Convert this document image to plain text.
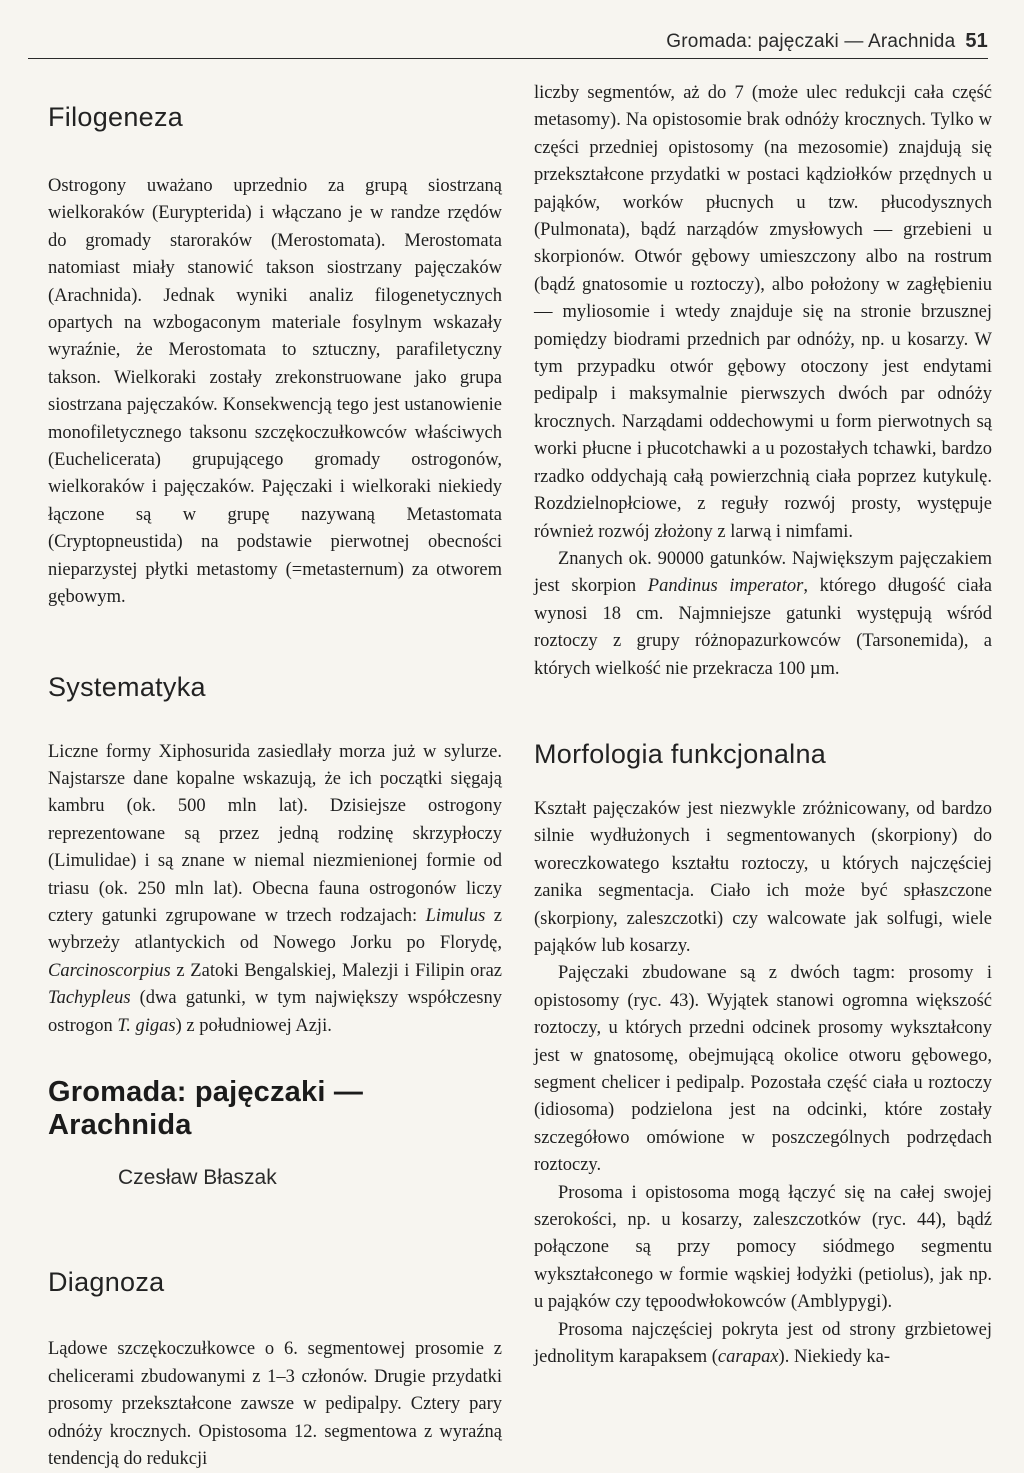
Gromada: pajęczaki — Arachnida 51
Filogeneza

Ostrogony uważano uprzednio za grupą siostrzaną wielkoraków (Eurypterida) i włączano je w randze rzędów do gromady staroraków (Merostomata). Merostomata natomiast miały stanowić takson siostrzany pajęczaków (Arachnida). Jednak wyniki analiz filogenetycznych opartych na wzbogaconym materiale fosylnym wskazały wyraźnie, że Merostomata to sztuczny, parafiletyczny takson. Wielkoraki zostały zrekonstruowane jako grupa siostrzana pajęczaków. Konsekwencją tego jest ustanowienie monofiletycznego taksonu szczękoczułkowców właściwych (Euchelicerata) grupującego gromady ostrogonów, wielkoraków i pajęczaków. Pajęczaki i wielkoraki niekiedy łączone są w grupę nazywaną Metastomata (Cryptopneustida) na podstawie pierwotnej obecności nieparzystej płytki metastomy (=metasternum) za otworem gębowym.

Systematyka

Liczne formy Xiphosurida zasiedlały morza już w sylurze. Najstarsze dane kopalne wskazują, że ich początki sięgają kambru (ok. 500 mln lat). Dzisiejsze ostrogony reprezentowane są przez jedną rodzinę skrzypłoczy (Limulidae) i są znane w niemal niezmienionej formie od triasu (ok. 250 mln lat). Obecna fauna ostrogonów liczy cztery gatunki zgrupowane w trzech rodzajach: Limulus z wybrzeży atlantyckich od Nowego Jorku po Florydę, Carcinoscorpius z Zatoki Bengalskiej, Malezji i Filipin oraz Tachypleus (dwa gatunki, w tym największy współczesny ostrogon T. gigas) z południowej Azji.

Gromada: pajęczaki — Arachnida

Czesław Błaszak

Diagnoza

Lądowe szczękoczułkowce o 6. segmentowej prosomie z chelicerami zbudowanymi z 1–3 członów. Drugie przydatki prosomy przekształcone zawsze w pedipalpy. Cztery pary odnóży krocznych. Opistosoma 12. segmentowa z wyraźną tendencją do redukcji

liczby segmentów, aż do 7 (może ulec redukcji cała część metasomy). Na opistosomie brak odnóży krocznych. Tylko w części przedniej opistosomy (na mezosomie) znajdują się przekształcone przydatki w postaci kądziołków przędnych u pająków, worków płucnych u tzw. płucodysznych (Pulmonata), bądź narządów zmysłowych — grzebieni u skorpionów. Otwór gębowy umieszczony albo na rostrum (bądź gnatosomie u roztoczy), albo położony w zagłębieniu — myliosomie i wtedy znajduje się na stronie brzusznej pomiędzy biodrami przednich par odnóży, np. u kosarzy. W tym przypadku otwór gębowy otoczony jest endytami pedipalp i maksymalnie pierwszych dwóch par odnóży krocznych. Narządami oddechowymi u form pierwotnych są worki płucne i płucotchawki a u pozostałych tchawki, bardzo rzadko oddychają całą powierzchnią ciała poprzez kutykulę. Rozdzielnopłciowe, z reguły rozwój prosty, występuje również rozwój złożony z larwą i nimfami.

Znanych ok. 90000 gatunków. Największym pajęczakiem jest skorpion Pandinus imperator, którego długość ciała wynosi 18 cm. Najmniejsze gatunki występują wśród roztoczy z grupy różnopazurkowców (Tarsonemida), a których wielkość nie przekracza 100 µm.

Morfologia funkcjonalna

Kształt pajęczaków jest niezwykle zróżnicowany, od bardzo silnie wydłużonych i segmentowanych (skorpiony) do woreczkowatego kształtu roztoczy, u których najczęściej zanika segmentacja. Ciało ich może być spłaszczone (skorpiony, zaleszczotki) czy walcowate jak solfugi, wiele pająków lub kosarzy.

Pajęczaki zbudowane są z dwóch tagm: prosomy i opistosomy (ryc. 43). Wyjątek stanowi ogromna większość roztoczy, u których przedni odcinek prosomy wykształcony jest w gnatosomę, obejmującą okolice otworu gębowego, segment chelicer i pedipalp. Pozostała część ciała u roztoczy (idiosoma) podzielona jest na odcinki, które zostały szczegółowo omówione w poszczególnych podrzędach roztoczy.

Prosoma i opistosoma mogą łączyć się na całej swojej szerokości, np. u kosarzy, zaleszczotków (ryc. 44), bądź połączone są przy pomocy siódmego segmentu wykształconego w formie wąskiej łodyżki (petiolus), jak np. u pająków czy tępoodwłokowców (Amblypygi).

Prosoma najczęściej pokryta jest od strony grzbietowej jednolitym karapaksem (carapax). Niekiedy ka-
